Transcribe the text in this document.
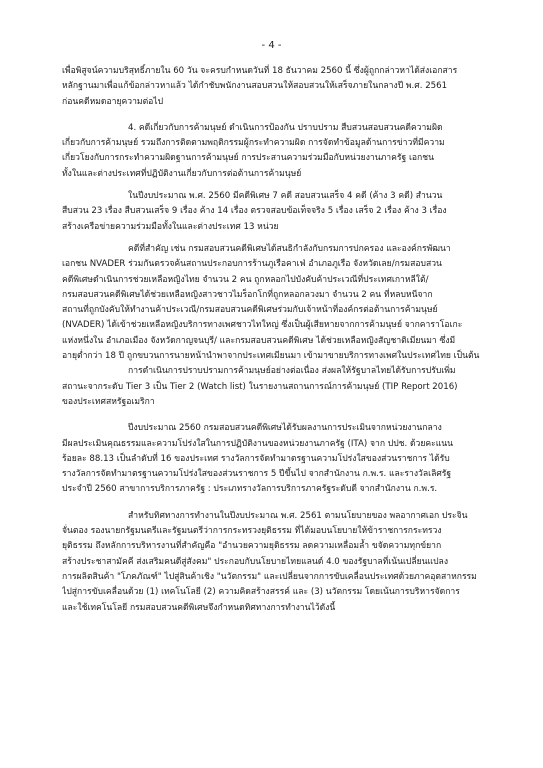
- 4 -

เพื่อพิสูจน์ความบริสุทธิ์ภายใน 60 วัน จะครบกำหนดวันที่ 18 ธันวาคม 2560 นี้ ซึ่งผู้ถูกกล่าวหาได้ส่งเอกสาร
หลักฐานมาเพื่อแก้ข้อกล่าวหาแล้ว ได้กำชับพนักงานสอบสวนให้สอบสวนให้เสร็จภายในกลางปี พ.ศ. 2561
ก่อนคดีหมดอายุความต่อไป

4. คดีเกี่ยวกับการค้ามนุษย์ ดำเนินการป้องกัน ปราบปราม สืบสวนสอบสวนคดีความผิด
เกี่ยวกับการค้ามนุษย์ รวมถึงการติดตามพฤติกรรมผู้กระทำความผิด การจัดทำข้อมูลด้านการข่าวที่มีความ
เกี่ยวโยงกับการกระทำความผิดฐานการค้ามนุษย์ การประสานความร่วมมือกับหน่วยงานภาครัฐ เอกชน
ทั้งในและต่างประเทศที่ปฏิบัติงานเกี่ยวกับการต่อต้านการค้ามนุษย์

ในปีงบประมาณ พ.ศ. 2560 มีคดีพิเศษ 7 คดี สอบสวนเสร็จ 4 คดี (ค้าง 3 คดี) สำนวน
สืบสวน 23 เรื่อง สืบสวนเสร็จ 9 เรื่อง ค้าง 14 เรื่อง ตรวจสอบข้อเท็จจริง 5 เรื่อง เสร็จ 2 เรื่อง ค้าง 3 เรื่อง
สร้างเครือข่ายความร่วมมือทั้งในและต่างประเทศ 13 หน่วย

คดีที่สำคัญ เช่น กรมสอบสวนคดีพิเศษได้สนธิกำลังกับกรมการปกครอง และองค์กรพัฒนา
เอกชน NVADER ร่วมกันตรวจค้นสถานประกอบการร้านภูเรือคาเฟ่ อำเภอภูเรือ จังหวัดเลย/กรมสอบสวน
คดีพิเศษดำเนินการช่วยเหลือหญิงไทย จำนวน 2 คน ถูกหลอกไปบังคับค้าประเวณีที่ประเทศเกาหลีใต้/
กรมสอบสวนคดีพิเศษได้ช่วยเหลือหญิงสาวชาวไมร็อกโกที่ถูกหลอกลวงมา จำนวน 2 คน ที่หลบหนีจาก
สถานที่ถูกบังคับให้ทำงานค้าประเวณี/กรมสอบสวนคดีพิเศษร่วมกับเจ้าหน้าที่องค์กรต่อต้านการค้ามนุษย์
(NVADER) ได้เข้าช่วยเหลือหญิงบริการทางเพศชาวไทใหญ่ ซึ่งเป็นผู้เสียหายจากการค้ามนุษย์ จากคาราโอเกะ
แห่งหนึ่งใน อำเภอเมือง จังหวัดกาญจนบุรี/ และกรมสอบสวนคดีพิเศษ ได้ช่วยเหลือหญิงสัญชาติเมียนมา ซึ่งมี
อายุต่ำกว่า 18 ปี ถูกขบวนการนายหน้านำพาจากประเทศเมียนมา เข้ามาขายบริการทางเพศในประเทศไทย เป็นต้น

การดำเนินการปราบปรามการค้ามนุษย์อย่างต่อเนื่อง ส่งผลให้รัฐบาลไทยได้รับการปรับเพิ่ม
สถานะจากระดับ Tier 3 เป็น Tier 2 (Watch list) ในรายงานสถานการณ์การค้ามนุษย์ (TIP Report 2016)
ของประเทศสหรัฐอเมริกา

ปีงบประมาณ 2560 กรมสอบสวนคดีพิเศษได้รับผลงานการประเมินจากหน่วยงานกลาง
มีผลประเมินคุณธรรมและความโปร่งใสในการปฏิบัติงานของหน่วยงานภาครัฐ (ITA) จาก ปปช. ด้วยคะแนน
ร้อยละ 88.13 เป็นลำดับที่ 16 ของประเทศ รางวัลการจัดทำมาตรฐานความโปร่งใสของส่วนราชการ ได้รับ
รางวัลการจัดทำมาตรฐานความโปร่งใสของส่วนราชการ 5 ปีขึ้นไป จากสำนักงาน ก.พ.ร. และรางวัลเลิศรัฐ
ประจำปี 2560 สาขาการบริการภาครัฐ : ประเภทรางวัลการบริการภาครัฐระดับดี จากสำนักงาน ก.พ.ร.

สำหรับทิศทางการทำงานในปีงบประมาณ พ.ศ. 2561 ตามนโยบายของ พลอากาศเอก ประจิน
จั่นตอง รองนายกรัฐมนตรีและรัฐมนตรีว่าการกระทรวงยุติธรรม ที่ได้มอบนโยบายให้ข้าราชการกระทรวง
ยุติธรรม ถึงหลักการบริหารงานที่สำคัญคือ "อำนวยความยุติธรรม ลดความเหลื่อมล้ำ ขจัดความทุกข์ยาก
สร้างประชาสามัคคี ส่งเสริมคนดีสู่สังคม" ประกอบกับนโยบายไทยแลนด์ 4.0 ของรัฐบาลที่เน้นเปลี่ยนแปลง
การผลิตสินค้า "โภคภัณฑ์" ไปสู่สินค้าเชิง "นวัตกรรม" และเปลี่ยนจากการขับเคลื่อนประเทศด้วยภาคอุตสาหกรรม
ไปสู่การขับเคลื่อนด้วย (1) เทคโนโลยี (2) ความคิดสร้างสรรค์ และ (3) นวัตกรรม โดยเน้นการบริหารจัดการ
และใช้เทคโนโลยี กรมสอบสวนคดีพิเศษจึงกำหนดทิศทางการทำงานไว้ดังนี้
